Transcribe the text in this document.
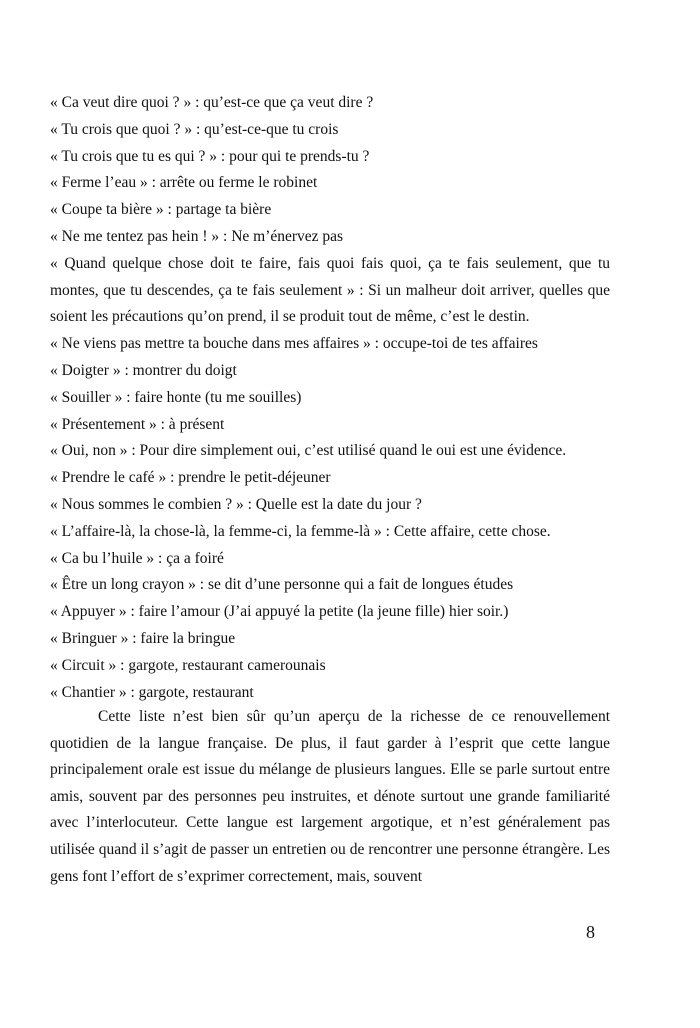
« Ca veut dire quoi ? » : qu’est-ce que ça veut dire ?

« Tu crois que quoi ? » : qu’est-ce-que tu crois

« Tu crois que tu es qui ? » : pour qui te prends-tu ?

« Ferme l’eau » : arrête ou ferme le robinet

« Coupe ta bière » : partage ta bière

« Ne me tentez pas hein ! » : Ne m’énervez pas

« Quand quelque chose doit te faire, fais quoi fais quoi, ça te fais seulement, que tu montes, que tu descendes, ça te fais seulement » : Si un malheur doit arriver, quelles que soient les précautions qu’on prend, il se produit tout de même, c’est le destin.

« Ne viens pas mettre ta bouche dans mes affaires » : occupe-toi de tes affaires

« Doigter » : montrer du doigt

« Souiller » : faire honte (tu me souilles)

« Présentement » : à présent

« Oui, non » : Pour dire simplement oui, c’est utilisé quand le oui est une évidence.

« Prendre le café » : prendre le petit-déjeuner

« Nous sommes le combien ? » : Quelle est la date du jour ?

« L’affaire-là, la chose-là, la femme-ci, la femme-là » : Cette affaire, cette chose.

« Ca bu l’huile » : ça a foiré

« Être un long crayon » : se dit d’une personne qui a fait de longues études

« Appuyer » : faire l’amour (J’ai appuyé la petite (la jeune fille) hier soir.)

« Bringuer » : faire la bringue

« Circuit » : gargote, restaurant camerounais

« Chantier » : gargote, restaurant

Cette liste n’est bien sûr qu’un aperçu de la richesse de ce renouvellement quotidien de la langue française. De plus, il faut garder à l’esprit que cette langue principalement orale est issue du mélange de plusieurs langues. Elle se parle surtout entre amis, souvent par des personnes peu instruites, et dénote surtout une grande familiarité avec l’interlocuteur. Cette langue est largement argotique, et n’est généralement pas utilisée quand il s’agit de passer un entretien ou de rencontrer une personne étrangère. Les gens font l’effort de s’exprimer correctement, mais, souvent

8
